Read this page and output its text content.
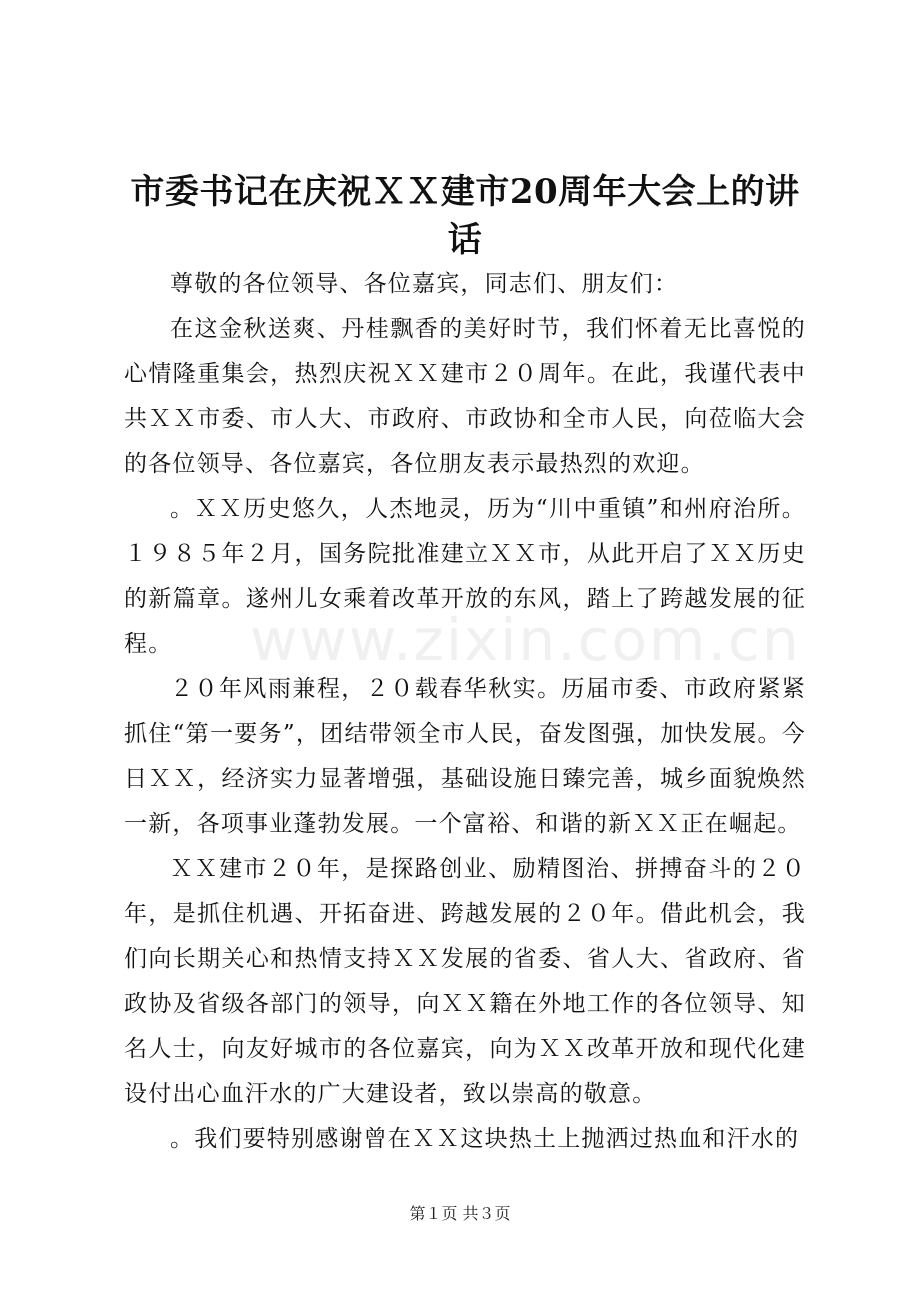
市委书记在庆祝ＸＸ建市20周年大会上的讲话
www.zixin.com.cn

尊敬的各位领导、各位嘉宾，同志们、朋友们：

在这金秋送爽、丹桂飘香的美好时节，我们怀着无比喜悦的心情隆重集会，热烈庆祝ＸＸ建市２０周年。在此，我谨代表中共ＸＸ市委、市人大、市政府、市政协和全市人民，向莅临大会的各位领导、各位嘉宾，各位朋友表示最热烈的欢迎。

。ＸＸ历史悠久，人杰地灵，历为“川中重镇”和州府治所。１９８５年２月，国务院批准建立ＸＸ市，从此开启了ＸＸ历史的新篇章。遂州儿女乘着改革开放的东风，踏上了跨越发展的征程。

２０年风雨兼程，２０载春华秋实。历届市委、市政府紧紧抓住“第一要务”，团结带领全市人民，奋发图强，加快发展。今日ＸＸ，经济实力显著增强，基础设施日臻完善，城乡面貌焕然一新，各项事业蓬勃发展。一个富裕、和谐的新ＸＸ正在崛起。

ＸＸ建市２０年，是探路创业、励精图治、拼搏奋斗的２０年，是抓住机遇、开拓奋进、跨越发展的２０年。借此机会，我们向长期关心和热情支持ＸＸ发展的省委、省人大、省政府、省政协及省级各部门的领导，向ＸＸ籍在外地工作的各位领导、知名人士，向友好城市的各位嘉宾，向为ＸＸ改革开放和现代化建设付出心血汗水的广大建设者，致以崇高的敬意。

。我们要特别感谢曾在ＸＸ这块热土上抛洒过热血和汗水的

第１页 共３页
